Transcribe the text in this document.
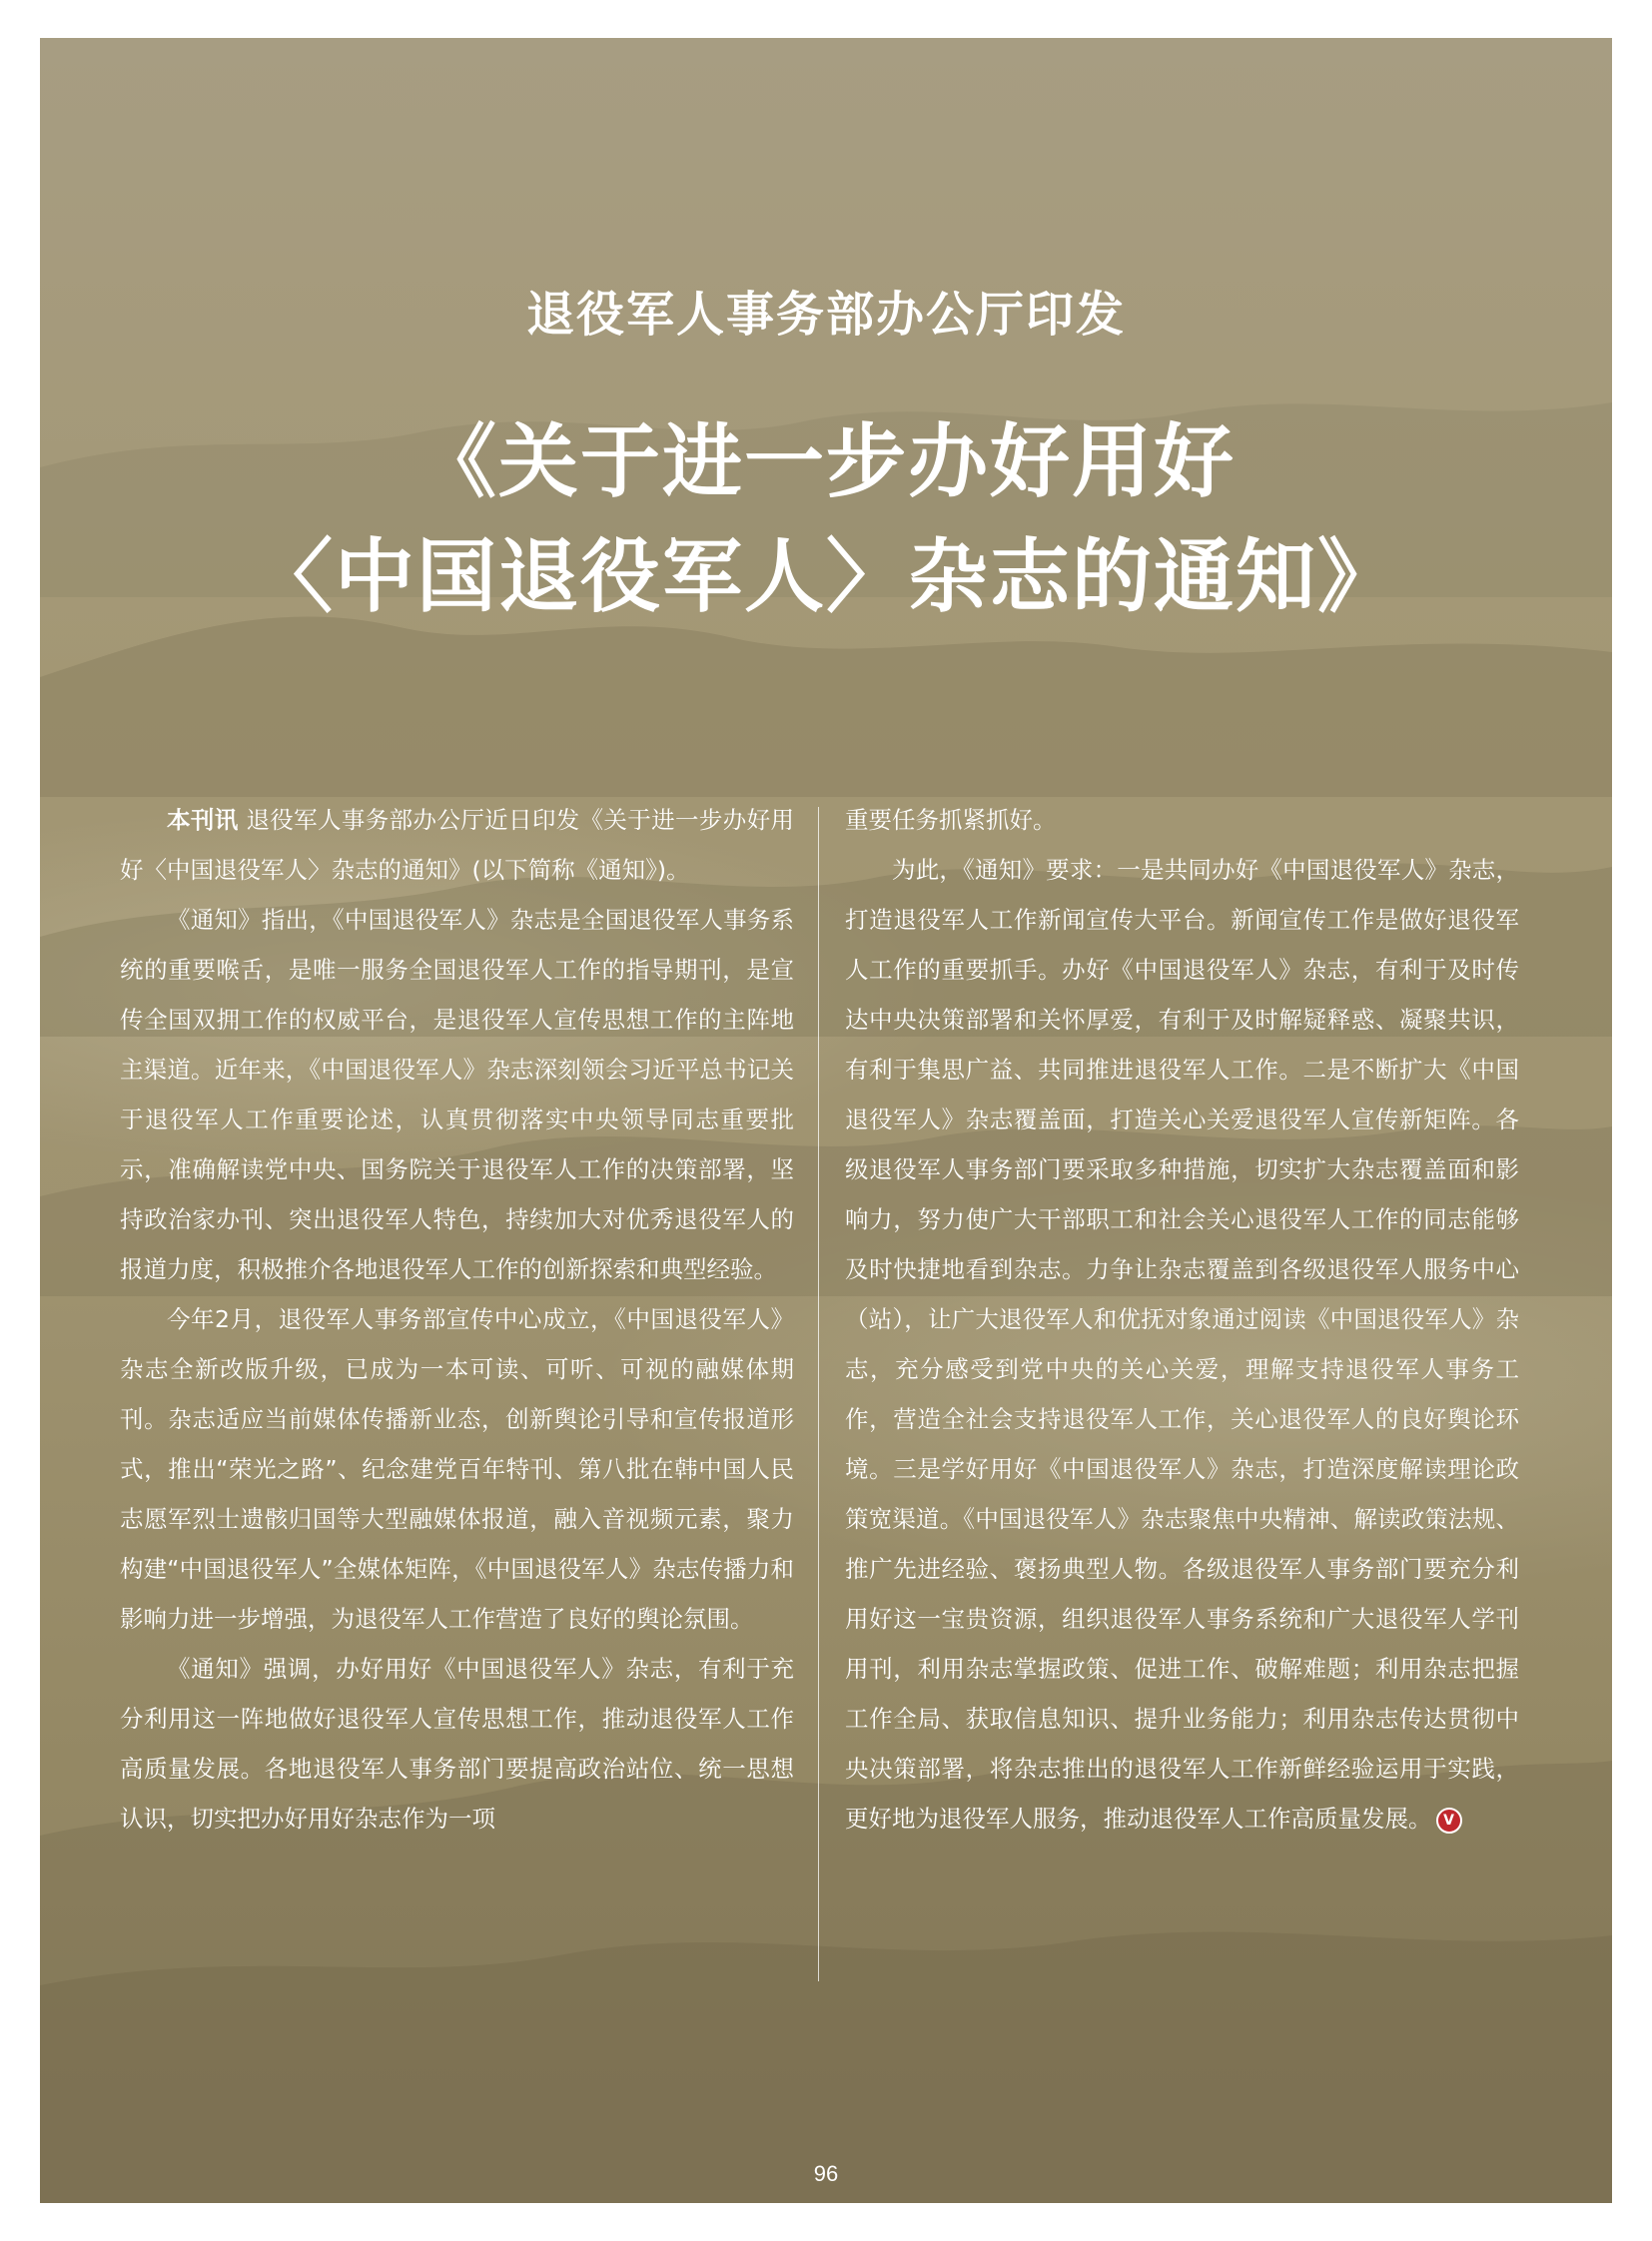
退役军人事务部办公厅印发
《关于进一步办好用好
〈中国退役军人〉杂志的通知》

本刊讯 退役军人事务部办公厅近日印发《关于进一步办好用好〈中国退役军人〉杂志的通知》(以下简称《通知》)。

《通知》指出，《中国退役军人》杂志是全国退役军人事务系统的重要喉舌，是唯一服务全国退役军人工作的指导期刊，是宣传全国双拥工作的权威平台，是退役军人宣传思想工作的主阵地主渠道。近年来，《中国退役军人》杂志深刻领会习近平总书记关于退役军人工作重要论述，认真贯彻落实中央领导同志重要批示，准确解读党中央、国务院关于退役军人工作的决策部署，坚持政治家办刊、突出退役军人特色，持续加大对优秀退役军人的报道力度，积极推介各地退役军人工作的创新探索和典型经验。

今年2月，退役军人事务部宣传中心成立，《中国退役军人》杂志全新改版升级，已成为一本可读、可听、可视的融媒体期刊。杂志适应当前媒体传播新业态，创新舆论引导和宣传报道形式，推出“荣光之路”、纪念建党百年特刊、第八批在韩中国人民志愿军烈士遗骸归国等大型融媒体报道，融入音视频元素，聚力构建“中国退役军人”全媒体矩阵，《中国退役军人》杂志传播力和影响力进一步增强，为退役军人工作营造了良好的舆论氛围。

《通知》强调，办好用好《中国退役军人》杂志，有利于充分利用这一阵地做好退役军人宣传思想工作，推动退役军人工作高质量发展。各地退役军人事务部门要提高政治站位、统一思想认识，切实把办好用好杂志作为一项

重要任务抓紧抓好。

为此，《通知》要求：一是共同办好《中国退役军人》杂志，打造退役军人工作新闻宣传大平台。新闻宣传工作是做好退役军人工作的重要抓手。办好《中国退役军人》杂志，有利于及时传达中央决策部署和关怀厚爱，有利于及时解疑释惑、凝聚共识，有利于集思广益、共同推进退役军人工作。二是不断扩大《中国退役军人》杂志覆盖面，打造关心关爱退役军人宣传新矩阵。各级退役军人事务部门要采取多种措施，切实扩大杂志覆盖面和影响力，努力使广大干部职工和社会关心退役军人工作的同志能够及时快捷地看到杂志。力争让杂志覆盖到各级退役军人服务中心（站），让广大退役军人和优抚对象通过阅读《中国退役军人》杂志，充分感受到党中央的关心关爱，理解支持退役军人事务工作，营造全社会支持退役军人工作，关心退役军人的良好舆论环境。三是学好用好《中国退役军人》杂志，打造深度解读理论政策宽渠道。《中国退役军人》杂志聚焦中央精神、解读政策法规、推广先进经验、褒扬典型人物。各级退役军人事务部门要充分利用好这一宝贵资源，组织退役军人事务系统和广大退役军人学刊用刊，利用杂志掌握政策、促进工作、破解难题；利用杂志把握工作全局、获取信息知识、提升业务能力；利用杂志传达贯彻中央决策部署，将杂志推出的退役军人工作新鲜经验运用于实践，更好地为退役军人服务，推动退役军人工作高质量发展。 V

96
